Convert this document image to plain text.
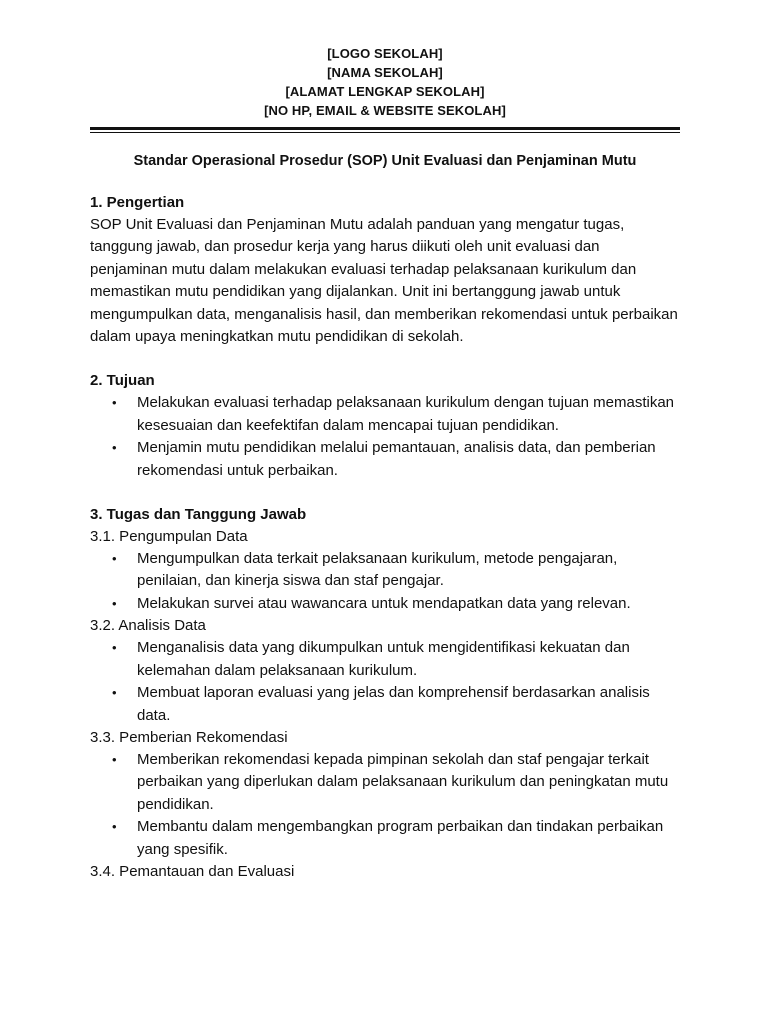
[LOGO SEKOLAH]
[NAMA SEKOLAH]
[ALAMAT LENGKAP SEKOLAH]
[NO HP, EMAIL & WEBSITE SEKOLAH]
Standar Operasional Prosedur (SOP) Unit Evaluasi dan Penjaminan Mutu
1. Pengertian
SOP Unit Evaluasi dan Penjaminan Mutu adalah panduan yang mengatur tugas, tanggung jawab, dan prosedur kerja yang harus diikuti oleh unit evaluasi dan penjaminan mutu dalam melakukan evaluasi terhadap pelaksanaan kurikulum dan memastikan mutu pendidikan yang dijalankan. Unit ini bertanggung jawab untuk mengumpulkan data, menganalisis hasil, dan memberikan rekomendasi untuk perbaikan dalam upaya meningkatkan mutu pendidikan di sekolah.
2. Tujuan
• Melakukan evaluasi terhadap pelaksanaan kurikulum dengan tujuan memastikan kesesuaian dan keefektifan dalam mencapai tujuan pendidikan.
• Menjamin mutu pendidikan melalui pemantauan, analisis data, dan pemberian rekomendasi untuk perbaikan.
3. Tugas dan Tanggung Jawab
3.1. Pengumpulan Data
• Mengumpulkan data terkait pelaksanaan kurikulum, metode pengajaran, penilaian, dan kinerja siswa dan staf pengajar.
• Melakukan survei atau wawancara untuk mendapatkan data yang relevan.
3.2. Analisis Data
• Menganalisis data yang dikumpulkan untuk mengidentifikasi kekuatan dan kelemahan dalam pelaksanaan kurikulum.
• Membuat laporan evaluasi yang jelas dan komprehensif berdasarkan analisis data.
3.3. Pemberian Rekomendasi
• Memberikan rekomendasi kepada pimpinan sekolah dan staf pengajar terkait perbaikan yang diperlukan dalam pelaksanaan kurikulum dan peningkatan mutu pendidikan.
• Membantu dalam mengembangkan program perbaikan dan tindakan perbaikan yang spesifik.
3.4. Pemantauan dan Evaluasi
